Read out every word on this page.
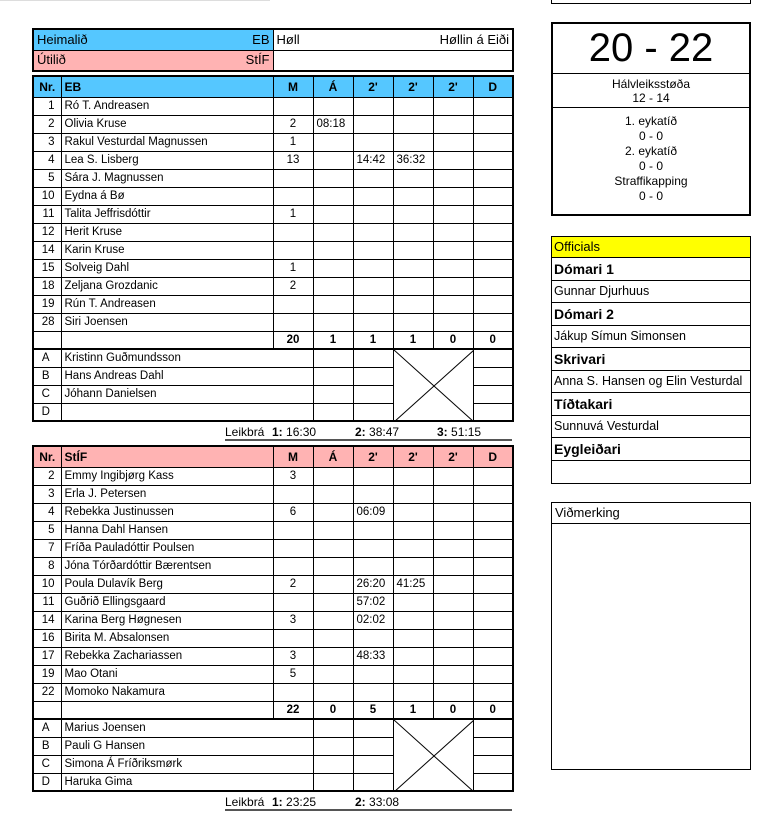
Heimalið EB	Høll Høllin á Eiði

Útilið StÍF	

Nr.	EB	M	Á	2'	2'	2'	D
1	Ró T. Andreasen						
2	Olivia Kruse	2	08:18				
3	Rakul Vesturdal Magnussen	1					
4	Lea S. Lisberg	13		14:42	36:32		
5	Sára J. Magnussen						
10	Eydna á Bø						
11	Talita Jeffrisdóttir	1					
12	Herit Kruse						
14	Karin Kruse						
15	Solveig Dahl	1					
18	Zeljana Grozdanic	2					
19	Rún T. Andreasen						
28	Siri Joensen						
		20	1	1	1	0	0
A	Kristinn Guðmundsson			

B	Hans Andreas Dahl						
C	Jóhann Danielsen						
D							
Leikbrá 1: 16:30	2: 38:47	3: 51:15
Nr.	StÍF	M	Á	2'	2'	2'	D
2	Emmy Ingibjørg Kass	3					
3	Erla J. Petersen						
4	Rebekka Justinussen	6		06:09			
5	Hanna Dahl Hansen						
7	Fríða Pauladóttir Poulsen						
8	Jóna Tórðardóttir Bærentsen						
10	Poula Dulavík Berg	2		26:20	41:25		
11	Guðrið Ellingsgaard			57:02			
14	Karina Berg Høgnesen	3		02:02			
16	Birita M. Absalonsen						
17	Rebekka Zachariassen	3		48:33			
19	Mao Otani	5					
22	Momoko Nakamura						
		22	0	5	1	0	0
A	Marius Joensen			

B	Pauli G Hansen						
C	Simona Á Fríðriksmørk						
D	Haruka Gima						
Leikbrá 1: 23:25	2: 33:08
20 - 22
Hálvleiksstøða
12 - 14
1. eykatíð
0 - 0
2. eykatíð
0 - 0
Straffikapping
0 - 0
Officials
Dómari 1
Gunnar Djurhuus
Dómari 2
Jákup Símun Simonsen
Skrivari
Anna S. Hansen og Elin Vesturdal
Tíðtakari
Sunnuvá Vesturdal
Eygleiðari
Viðmerking
